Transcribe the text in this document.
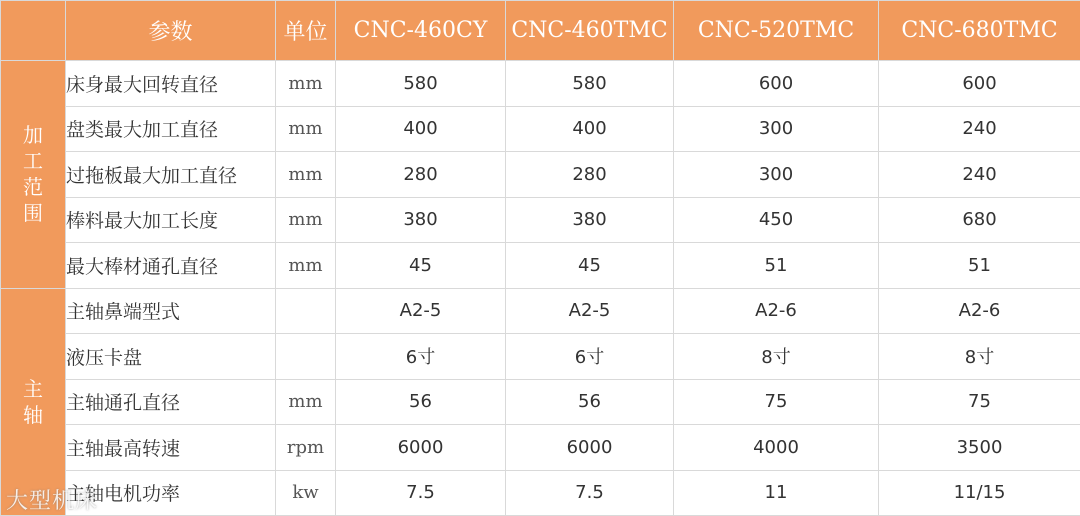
	参数	单位	CNC-460CY	CNC-460TMC	CNC-520TMC	CNC-680TMC

加
工
范
围	床身最大回转直径	mm	580	580	600	600
	盘类最大加工直径	mm	400	400	300	240
	过拖板最大加工直径	mm	280	280	300	240
	棒料最大加工长度	mm	380	380	450	680
	最大棒材通孔直径	mm	45	45	51	51

主
轴	主轴鼻端型式		A2-5	A2-5	A2-6	A2-6
	液压卡盘		6寸	6寸	8寸	8寸
	主轴通孔直径	mm	56	56	75	75
	主轴最高转速	rpm	6000	6000	4000	3500
	主轴电机功率	kw	7.5	7.5	11	11/15
大型机床
